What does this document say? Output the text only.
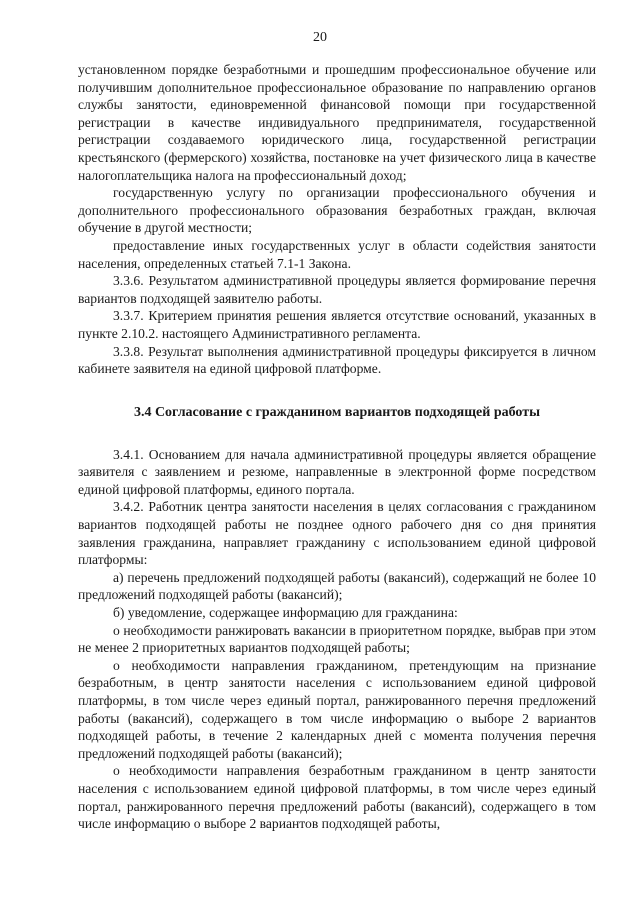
20

установленном порядке безработными и прошедшим профессиональное обучение или получившим дополнительное профессиональное образование по направлению органов службы занятости, единовременной финансовой помощи при государственной регистрации в качестве индивидуального предпринимателя, государственной регистрации создаваемого юридического лица, государственной регистрации крестьянского (фермерского) хозяйства, постановке на учет физического лица в качестве налогоплательщика налога на профессиональный доход;

государственную услугу по организации профессионального обучения и дополнительного профессионального образования безработных граждан, включая обучение в другой местности;

предоставление иных государственных услуг в области содействия занятости населения, определенных статьей 7.1-1 Закона.

3.3.6. Результатом административной процедуры является формирование перечня вариантов подходящей заявителю работы.

3.3.7. Критерием принятия решения является отсутствие оснований, указанных в пункте 2.10.2. настоящего Административного регламента.

3.3.8. Результат выполнения административной процедуры фиксируется в личном кабинете заявителя на единой цифровой платформе.

3.4 Согласование с гражданином вариантов подходящей работы

3.4.1. Основанием для начала административной процедуры является обращение заявителя с заявлением и резюме, направленные в электронной форме посредством единой цифровой платформы, единого портала.

3.4.2. Работник центра занятости населения в целях согласования с гражданином вариантов подходящей работы не позднее одного рабочего дня со дня принятия заявления гражданина, направляет гражданину с использованием единой цифровой платформы:

а) перечень предложений подходящей работы (вакансий), содержащий не более 10 предложений подходящей работы (вакансий);

б) уведомление, содержащее информацию для гражданина:

о необходимости ранжировать вакансии в приоритетном порядке, выбрав при этом не менее 2 приоритетных вариантов подходящей работы;

о необходимости направления гражданином, претендующим на признание безработным, в центр занятости населения с использованием единой цифровой платформы, в том числе через единый портал, ранжированного перечня предложений работы (вакансий), содержащего в том числе информацию о выборе 2 вариантов подходящей работы, в течение 2 календарных дней с момента получения перечня предложений подходящей работы (вакансий);

о необходимости направления безработным гражданином в центр занятости населения с использованием единой цифровой платформы, в том числе через единый портал, ранжированного перечня предложений работы (вакансий), содержащего в том числе информацию о выборе 2 вариантов подходящей работы,
